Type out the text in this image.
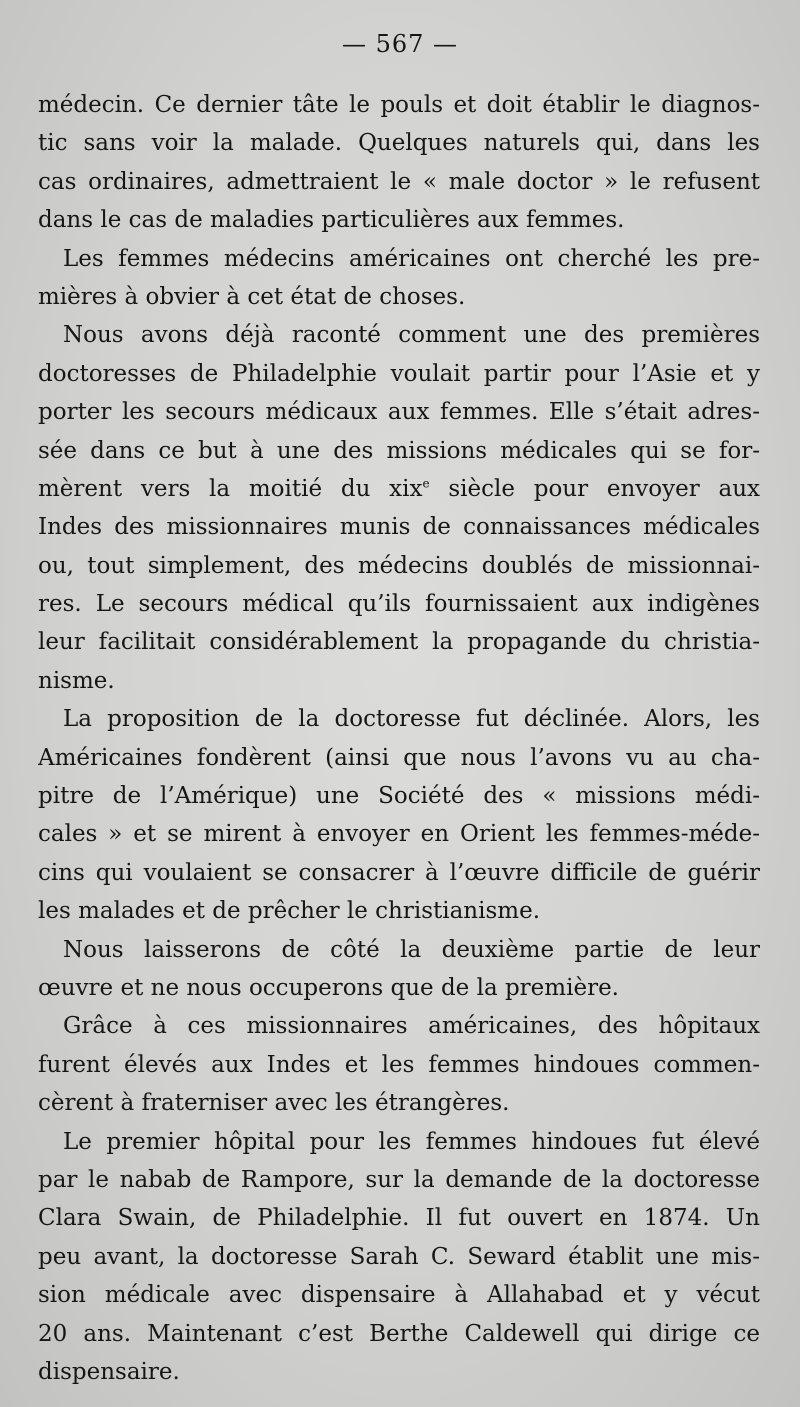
— 567 —
médecin. Ce dernier tâte le pouls et doit établir le diagnos-
tic sans voir la malade. Quelques naturels qui, dans les
cas ordinaires, admettraient le « male doctor » le refusent
dans le cas de maladies particulières aux femmes.
Les femmes médecins américaines ont cherché les pre-
mières à obvier à cet état de choses.
Nous avons déjà raconté comment une des premières
doctoresses de Philadelphie voulait partir pour l’Asie et y
porter les secours médicaux aux femmes. Elle s’était adres-
sée dans ce but à une des missions médicales qui se for-
mèrent vers la moitié du xix$^e$ siècle pour envoyer aux
Indes des missionnaires munis de connaissances médicales
ou, tout simplement, des médecins doublés de missionnai-
res. Le secours médical qu’ils fournissaient aux indigènes
leur facilitait considérablement la propagande du christia-
nisme.
La proposition de la doctoresse fut déclinée. Alors, les
Américaines fondèrent (ainsi que nous l’avons vu au cha-
pitre de l’Amérique) une Société des « missions médi-
cales » et se mirent à envoyer en Orient les femmes-méde-
cins qui voulaient se consacrer à l’œuvre difficile de guérir
les malades et de prêcher le christianisme.
Nous laisserons de côté la deuxième partie de leur
œuvre et ne nous occuperons que de la première.
Grâce à ces missionnaires américaines, des hôpitaux
furent élevés aux Indes et les femmes hindoues commen-
cèrent à fraterniser avec les étrangères.
Le premier hôpital pour les femmes hindoues fut élevé
par le nabab de Rampore, sur la demande de la doctoresse
Clara Swain, de Philadelphie. Il fut ouvert en 1874. Un
peu avant, la doctoresse Sarah C. Seward établit une mis-
sion médicale avec dispensaire à Allahabad et y vécut
20 ans. Maintenant c’est Berthe Caldewell qui dirige ce
dispensaire.
